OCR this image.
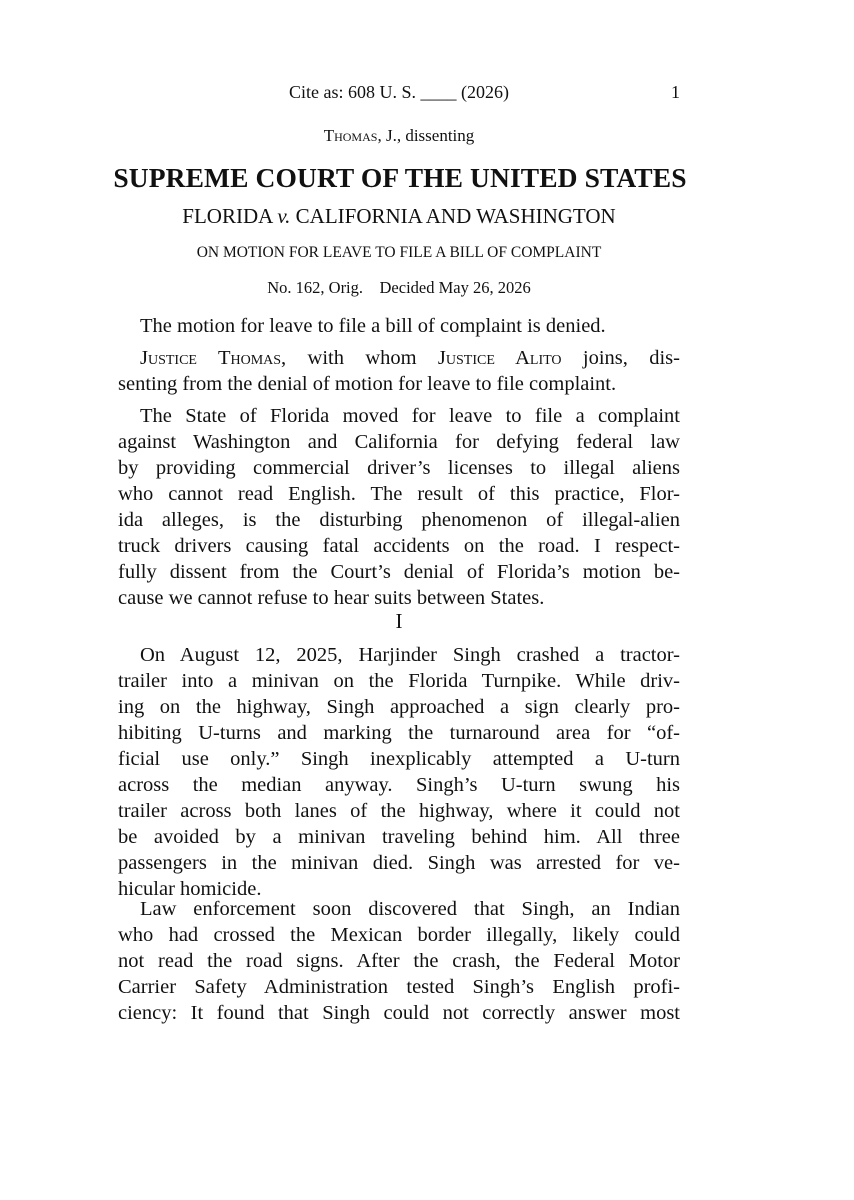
Cite as: 608 U. S. ____ (2026)	1
Thomas, J., dissenting
SUPREME COURT OF THE UNITED STATES
FLORIDA v. CALIFORNIA AND WASHINGTON
ON MOTION FOR LEAVE TO FILE A BILL OF COMPLAINT
No. 162, Orig.    Decided May 26, 2026
The motion for leave to file a bill of complaint is denied.
Justice Thomas, with whom Justice Alito joins, dis-
senting from the denial of motion for leave to file complaint.
The State of Florida moved for leave to file a complaint
against Washington and California for defying federal law
by providing commercial driver’s licenses to illegal aliens
who cannot read English. The result of this practice, Flor-
ida alleges, is the disturbing phenomenon of illegal-alien
truck drivers causing fatal accidents on the road. I respect-
fully dissent from the Court’s denial of Florida’s motion be-
cause we cannot refuse to hear suits between States.
I
On August 12, 2025, Harjinder Singh crashed a tractor-
trailer into a minivan on the Florida Turnpike. While driv-
ing on the highway, Singh approached a sign clearly pro-
hibiting U-turns and marking the turnaround area for “of-
ficial use only.” Singh inexplicably attempted a U-turn
across the median anyway. Singh’s U-turn swung his
trailer across both lanes of the highway, where it could not
be avoided by a minivan traveling behind him. All three
passengers in the minivan died. Singh was arrested for ve-
hicular homicide.
Law enforcement soon discovered that Singh, an Indian
who had crossed the Mexican border illegally, likely could
not read the road signs. After the crash, the Federal Motor
Carrier Safety Administration tested Singh’s English profi-
ciency: It found that Singh could not correctly answer most
